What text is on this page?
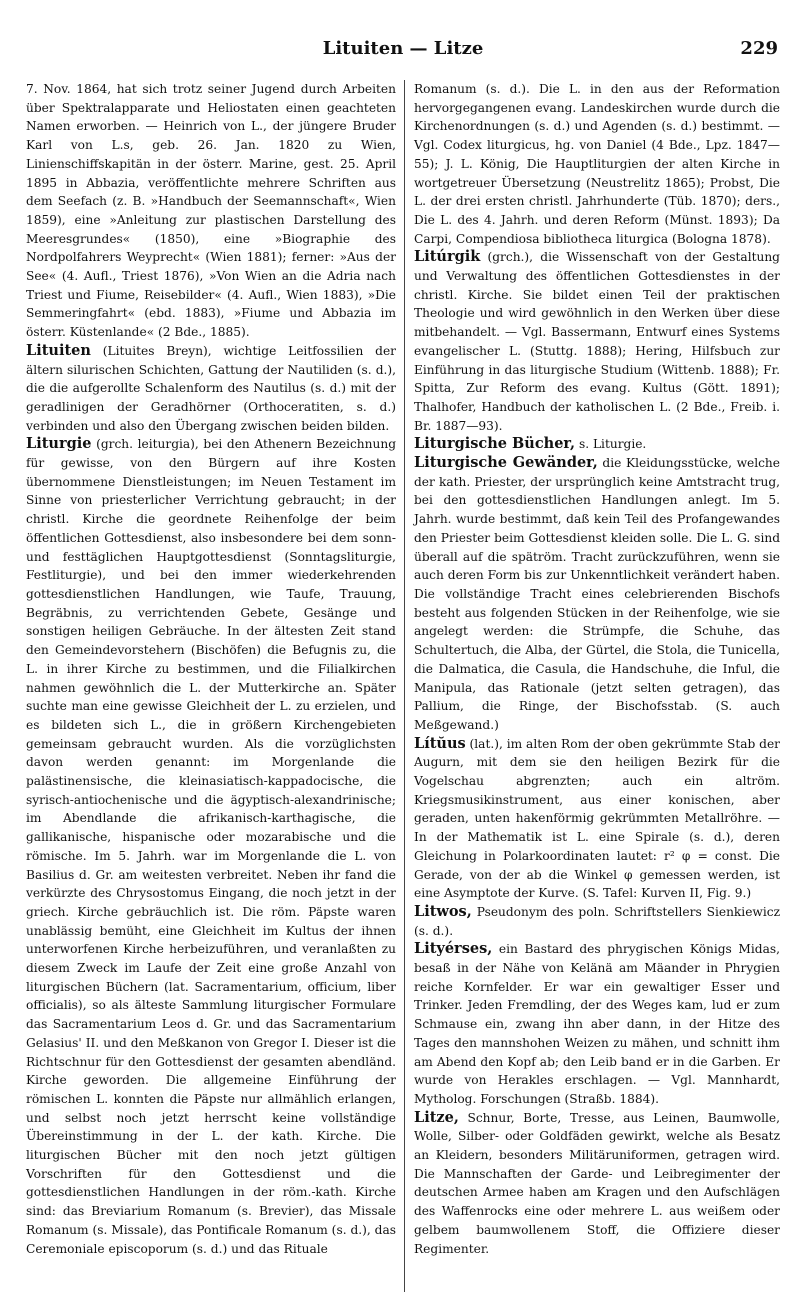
Lituiten — Litze	229

7. Nov. 1864, hat sich trotz seiner Jugend durch Arbeiten über Spektralapparate und Heliostaten einen geachteten Namen erworben. — Heinrich von L., der jüngere Bruder Karl von L.s, geb. 26. Jan. 1820 zu Wien, Linienschiffskapitän in der österr. Marine, gest. 25. April 1895 in Abbazia, veröffentlichte mehrere Schriften aus dem Seefach (z. B. »Handbuch der Seemannschaft«, Wien 1859), eine »Anleitung zur plastischen Darstellung des Meeresgrundes« (1850), eine »Biographie des Nordpolfahrers Weyprecht« (Wien 1881); ferner: »Aus der See« (4. Aufl., Triest 1876), »Von Wien an die Adria nach Triest und Fiume, Reisebilder« (4. Aufl., Wien 1883), »Die Semmeringfahrt« (ebd. 1883), »Fiume und Abbazia im österr. Küstenlande« (2 Bde., 1885).

Lituiten (Lituites Breyn), wichtige Leitfossilien der ältern silurischen Schichten, Gattung der Nautiliden (s. d.), die die aufgerollte Schalenform des Nautilus (s. d.) mit der geradlinigen der Geradhörner (Orthoceratiten, s. d.) verbinden und also den Übergang zwischen beiden bilden.

Liturgie (grch. leiturgia), bei den Athenern Bezeichnung für gewisse, von den Bürgern auf ihre Kosten übernommene Dienstleistungen; im Neuen Testament im Sinne von priesterlicher Verrichtung gebraucht; in der christl. Kirche die geordnete Reihenfolge der beim öffentlichen Gottesdienst, also insbesondere bei dem sonn- und festtäglichen Hauptgottesdienst (Sonntagsliturgie, Festliturgie), und bei den immer wiederkehrenden gottesdienstlichen Handlungen, wie Taufe, Trauung, Begräbnis, zu verrichtenden Gebete, Gesänge und sonstigen heiligen Gebräuche. In der ältesten Zeit stand den Gemeindevorstehern (Bischöfen) die Befugnis zu, die L. in ihrer Kirche zu bestimmen, und die Filialkirchen nahmen gewöhnlich die L. der Mutterkirche an. Später suchte man eine gewisse Gleichheit der L. zu erzielen, und es bildeten sich L., die in größern Kirchengebieten gemeinsam gebraucht wurden. Als die vorzüglichsten davon werden genannt: im Morgenlande die palästinensische, die kleinasiatisch-kappadocische, die syrisch-antiochenische und die ägyptisch-alexandrinische; im Abendlande die afrikanisch-karthagische, die gallikanische, hispanische oder mozarabische und die römische. Im 5. Jahrh. war im Morgenlande die L. von Basilius d. Gr. am weitesten verbreitet. Neben ihr fand die verkürzte des Chrysostomus Eingang, die noch jetzt in der griech. Kirche gebräuchlich ist. Die röm. Päpste waren unablässig bemüht, eine Gleichheit im Kultus der ihnen unterworfenen Kirche herbeizuführen, und veranlaßten zu diesem Zweck im Laufe der Zeit eine große Anzahl von liturgischen Büchern (lat. Sacramentarium, officium, liber officialis), so als älteste Sammlung liturgischer Formulare das Sacramentarium Leos d. Gr. und das Sacramentarium Gelasius' II. und den Meßkanon von Gregor I. Dieser ist die Richtschnur für den Gottesdienst der gesamten abendländ. Kirche geworden. Die allgemeine Einführung der römischen L. konnten die Päpste nur allmählich erlangen, und selbst noch jetzt herrscht keine vollständige Übereinstimmung in der L. der kath. Kirche. Die liturgischen Bücher mit den noch jetzt gültigen Vorschriften für den Gottesdienst und die gottesdienstlichen Handlungen in der röm.-kath. Kirche sind: das Breviarium Romanum (s. Brevier), das Missale Romanum (s. Missale), das Pontificale Romanum (s. d.), das Ceremoniale episcoporum (s. d.) und das Rituale

Romanum (s. d.). Die L. in den aus der Reformation hervorgegangenen evang. Landeskirchen wurde durch die Kirchenordnungen (s. d.) und Agenden (s. d.) bestimmt. — Vgl. Codex liturgicus, hg. von Daniel (4 Bde., Lpz. 1847—55); J. L. König, Die Hauptliturgien der alten Kirche in wortgetreuer Übersetzung (Neustrelitz 1865); Probst, Die L. der drei ersten christl. Jahrhunderte (Tüb. 1870); ders., Die L. des 4. Jahrh. und deren Reform (Münst. 1893); Da Carpi, Compendiosa bibliotheca liturgica (Bologna 1878).

Litúrgik (grch.), die Wissenschaft von der Gestaltung und Verwaltung des öffentlichen Gottesdienstes in der christl. Kirche. Sie bildet einen Teil der praktischen Theologie und wird gewöhnlich in den Werken über diese mitbehandelt. — Vgl. Bassermann, Entwurf eines Systems evangelischer L. (Stuttg. 1888); Hering, Hilfsbuch zur Einführung in das liturgische Studium (Wittenb. 1888); Fr. Spitta, Zur Reform des evang. Kultus (Gött. 1891); Thalhofer, Handbuch der katholischen L. (2 Bde., Freib. i. Br. 1887—93).

Liturgische Bücher, s. Liturgie.

Liturgische Gewänder, die Kleidungsstücke, welche der kath. Priester, der ursprünglich keine Amtstracht trug, bei den gottesdienstlichen Handlungen anlegt. Im 5. Jahrh. wurde bestimmt, daß kein Teil des Profangewandes den Priester beim Gottesdienst kleiden solle. Die L. G. sind überall auf die spätröm. Tracht zurückzuführen, wenn sie auch deren Form bis zur Unkenntlichkeit verändert haben. Die vollständige Tracht eines celebrierenden Bischofs besteht aus folgenden Stücken in der Reihenfolge, wie sie angelegt werden: die Strümpfe, die Schuhe, das Schultertuch, die Alba, der Gürtel, die Stola, die Tunicella, die Dalmatica, die Casula, die Handschuhe, die Inful, die Manipula, das Rationale (jetzt selten getragen), das Pallium, die Ringe, der Bischofsstab. (S. auch Meßgewand.)

Lítŭus (lat.), im alten Rom der oben gekrümmte Stab der Augurn, mit dem sie den heiligen Bezirk für die Vogelschau abgrenzten; auch ein altröm. Kriegsmusikinstrument, aus einer konischen, aber geraden, unten hakenförmig gekrümmten Metallröhre. — In der Mathematik ist L. eine Spirale (s. d.), deren Gleichung in Polarkoordinaten lautet: r² φ = const. Die Gerade, von der ab die Winkel φ gemessen werden, ist eine Asymptote der Kurve. (S. Tafel: Kurven II, Fig. 9.)

Litwos, Pseudonym des poln. Schriftstellers Sienkiewicz (s. d.).

Lityérses, ein Bastard des phrygischen Königs Midas, besaß in der Nähe von Kelänä am Mäander in Phrygien reiche Kornfelder. Er war ein gewaltiger Esser und Trinker. Jeden Fremdling, der des Weges kam, lud er zum Schmause ein, zwang ihn aber dann, in der Hitze des Tages den mannshohen Weizen zu mähen, und schnitt ihm am Abend den Kopf ab; den Leib band er in die Garben. Er wurde von Herakles erschlagen. — Vgl. Mannhardt, Mytholog. Forschungen (Straßb. 1884).

Litze, Schnur, Borte, Tresse, aus Leinen, Baumwolle, Wolle, Silber- oder Goldfäden gewirkt, welche als Besatz an Kleidern, besonders Militäruniformen, getragen wird. Die Mannschaften der Garde- und Leibregimenter der deutschen Armee haben am Kragen und den Aufschlägen des Waffenrocks eine oder mehrere L. aus weißem oder gelbem baumwollenem Stoff, die Offiziere dieser Regimenter.
